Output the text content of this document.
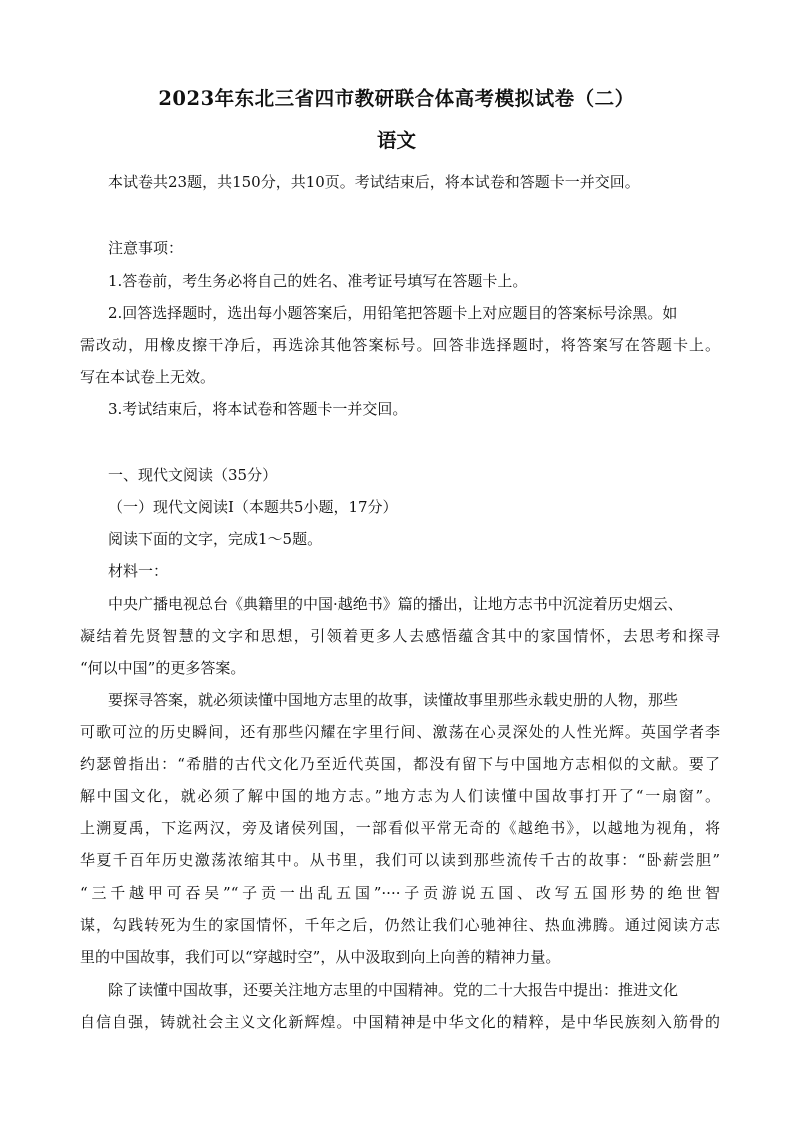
2023年东北三省四市教研联合体高考模拟试卷（二）
语文
本试卷共23题，共150分，共10页。考试结束后，将本试卷和答题卡一并交回。
注意事项：
1.答卷前，考生务必将自己的姓名、准考证号填写在答题卡上。
2.回答选择题时，选出每小题答案后，用铅笔把答题卡上对应题目的答案标号涂黑。如
需改动，用橡皮擦干净后，再选涂其他答案标号。回答非选择题时，将答案写在答题卡上。
写在本试卷上无效。
3.考试结束后，将本试卷和答题卡一并交回。
一、现代文阅读（35分）
（一）现代文阅读Ⅰ（本题共5小题，17分）
阅读下面的文字，完成1～5题。
材料一：
中央广播电视总台《典籍里的中国·越绝书》篇的播出，让地方志书中沉淀着历史烟云、
凝结着先贤智慧的文字和思想，引领着更多人去感悟蕴含其中的家国情怀，去思考和探寻
“何以中国”的更多答案。
要探寻答案，就必须读懂中国地方志里的故事，读懂故事里那些永载史册的人物，那些
可歌可泣的历史瞬间，还有那些闪耀在字里行间、激荡在心灵深处的人性光辉。英国学者李
约瑟曾指出：“希腊的古代文化乃至近代英国，都没有留下与中国地方志相似的文献。要了
解中国文化，就必须了解中国的地方志。”地方志为人们读懂中国故事打开了“一扇窗”。
上溯夏禹，下迄两汉，旁及诸侯列国，一部看似平常无奇的《越绝书》，以越地为视角，将
华夏千百年历史激荡浓缩其中。从书里，我们可以读到那些流传千古的故事：“卧薪尝胆”
“三千越甲可吞吴”“子贡一出乱五国”····子贡游说五国、改写五国形势的绝世智
谋，勾践转死为生的家国情怀，千年之后，仍然让我们心驰神往、热血沸腾。通过阅读方志
里的中国故事，我们可以“穿越时空”，从中汲取到向上向善的精神力量。
除了读懂中国故事，还要关注地方志里的中国精神。党的二十大报告中提出：推进文化
自信自强，铸就社会主义文化新辉煌。中国精神是中华文化的精粹，是中华民族刻入筋骨的
